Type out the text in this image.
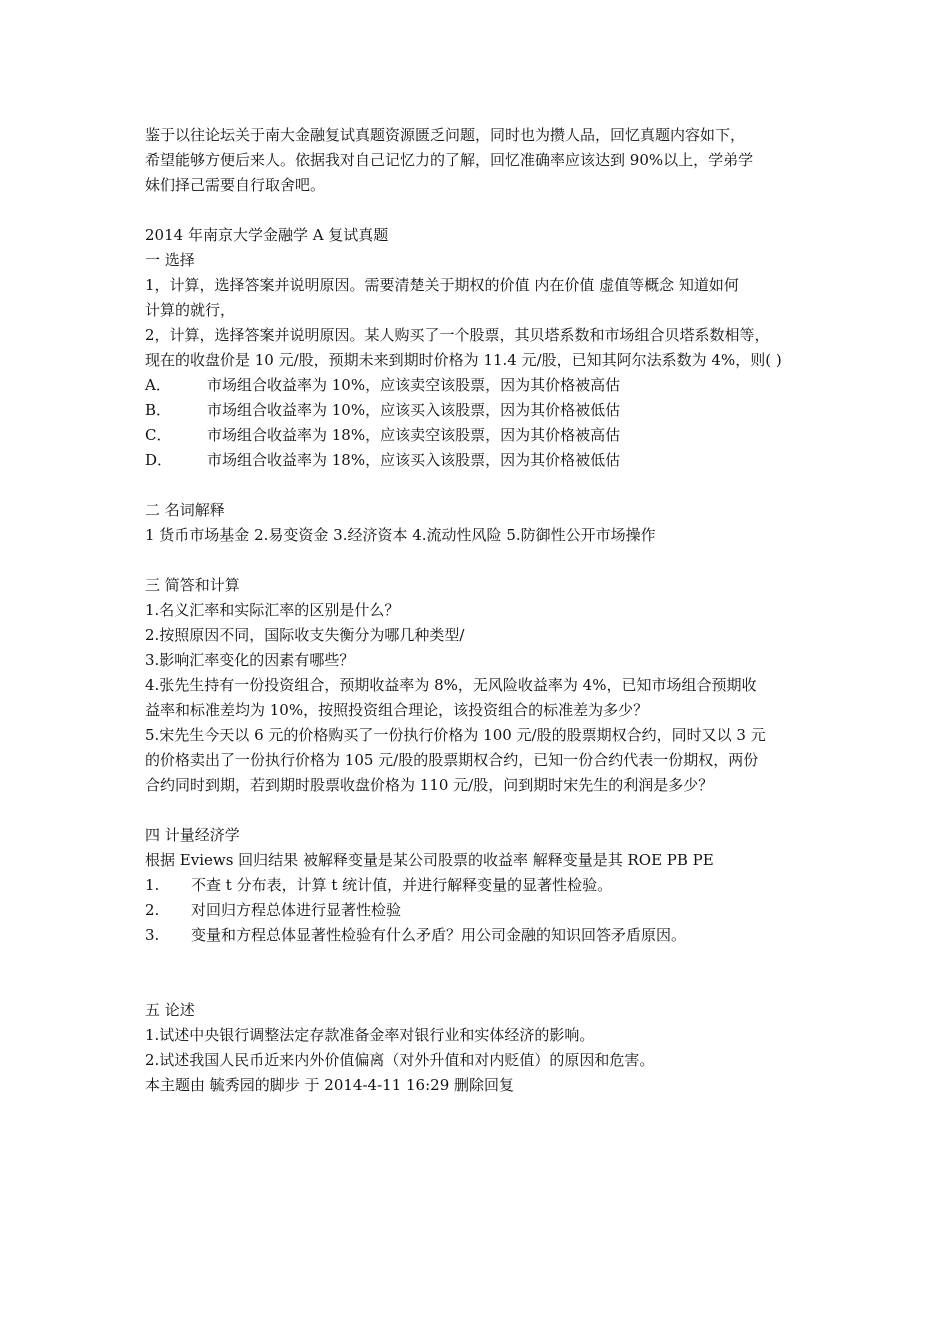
鉴于以往论坛关于南大金融复试真题资源匮乏问题，同时也为攒人品，回忆真题内容如下，
希望能够方便后来人。依据我对自己记忆力的了解，回忆准确率应该达到 90%以上，学弟学
妹们择己需要自行取舍吧。
2014 年南京大学金融学 A 复试真题
一 选择
1，计算，选择答案并说明原因。需要清楚关于期权的价值 内在价值 虚值等概念 知道如何
计算的就行，
2，计算，选择答案并说明原因。某人购买了一个股票，其贝塔系数和市场组合贝塔系数相等，
现在的收盘价是 10 元/股，预期未来到期时价格为 11.4 元/股，已知其阿尔法系数为 4%，则( )
A．	市场组合收益率为 10%，应该卖空该股票，因为其价格被高估
B．	市场组合收益率为 10%，应该买入该股票，因为其价格被低估
C．	市场组合收益率为 18%，应该卖空该股票，因为其价格被高估
D．	市场组合收益率为 18%，应该买入该股票，因为其价格被低估
二 名词解释
1 货币市场基金 2.易变资金 3.经济资本 4.流动性风险 5.防御性公开市场操作
三 简答和计算
1.名义汇率和实际汇率的区别是什么？
2.按照原因不同，国际收支失衡分为哪几种类型/
3.影响汇率变化的因素有哪些？
4.张先生持有一份投资组合，预期收益率为 8%，无风险收益率为 4%，已知市场组合预期收
益率和标准差均为 10%，按照投资组合理论，该投资组合的标准差为多少？
5.宋先生今天以 6 元的价格购买了一份执行价格为 100 元/股的股票期权合约，同时又以 3 元
的价格卖出了一份执行价格为 105 元/股的股票期权合约，已知一份合约代表一份期权，两份
合约同时到期，若到期时股票收盘价格为 110 元/股，问到期时宋先生的利润是多少？
四 计量经济学
根据 Eviews 回归结果 被解释变量是某公司股票的收益率 解释变量是其 ROE PB PE
1.	不查 t 分布表，计算 t 统计值，并进行解释变量的显著性检验。
2.	对回归方程总体进行显著性检验
3.	变量和方程总体显著性检验有什么矛盾？用公司金融的知识回答矛盾原因。
五 论述
1.试述中央银行调整法定存款准备金率对银行业和实体经济的影响。
2.试述我国人民币近来内外价值偏离（对外升值和对内贬值）的原因和危害。
本主题由 毓秀园的脚步 于 2014-4-11 16:29 删除回复
